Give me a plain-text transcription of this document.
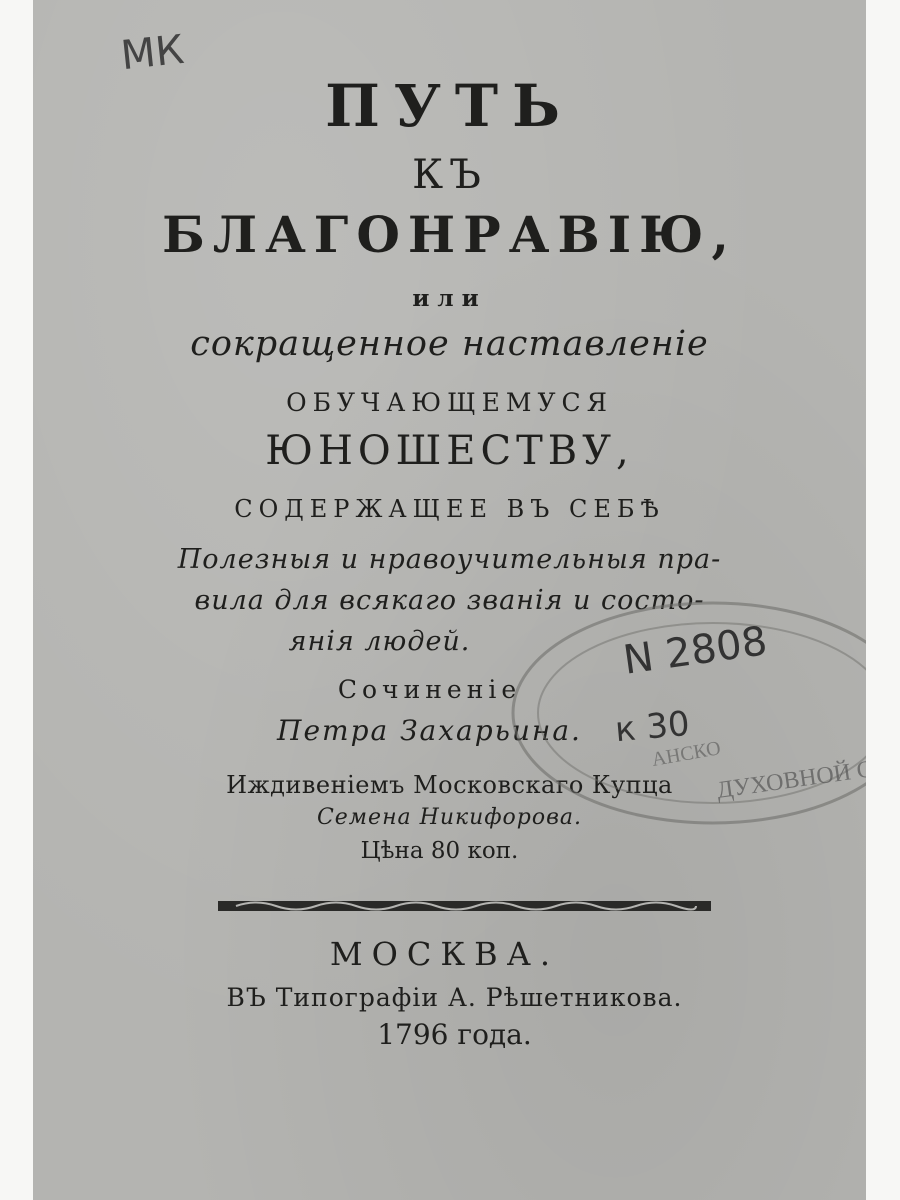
МК
ПУТЬ
КЪ
БЛАГОНРАВІЮ,
или
сокращенное наставленіе
ОБУЧАЮЩЕМУСЯ
ЮНОШЕСТВУ,
СОДЕРЖАЩЕЕ ВЪ СЕБѢ
Полезныя и нравоучительныя пра-
вила для всякаго званія и состо-
янія людей.
Сочиненіе
Петра Захарьина.
Иждивеніемъ Московскаго Купца
Семена Никифорова.
Цѣна 80 коп.
МОСКВА.
ВЪ Типографіи А. Рѣшетникова.
1796 года.
ДУХОВНОЙ СЕ
АНСКО
N 2808
к 30
